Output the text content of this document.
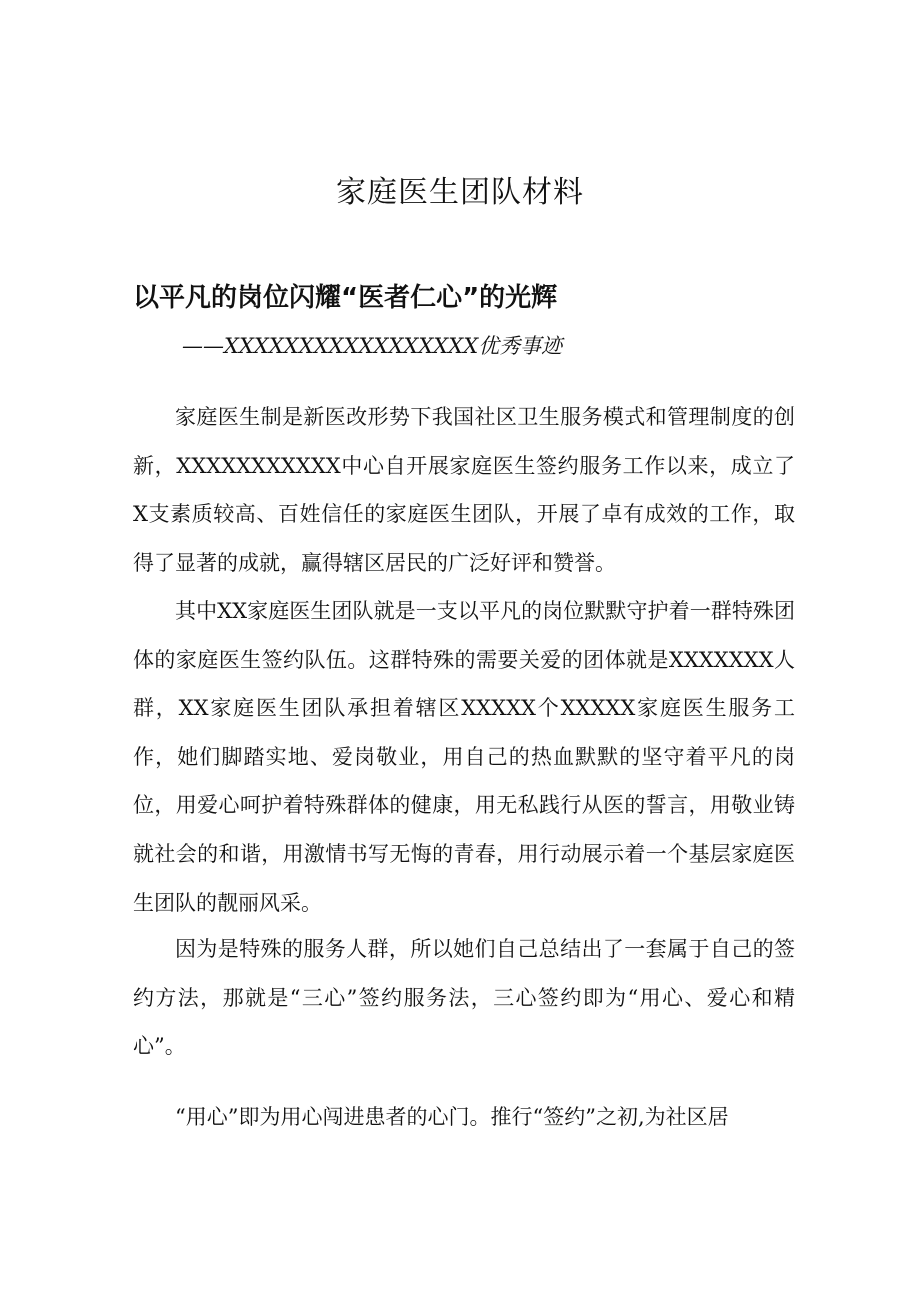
家庭医生团队材料
以平凡的岗位闪耀“医者仁心”的光辉
——XXXXXXXXXXXXXXXXX优秀事迹

家庭医生制是新医改形势下我国社区卫生服务模式和管理制度的创新，XXXXXXXXXXX中心自开展家庭医生签约服务工作以来，成立了X支素质较高、百姓信任的家庭医生团队，开展了卓有成效的工作，取得了显著的成就，赢得辖区居民的广泛好评和赞誉。

其中XX家庭医生团队就是一支以平凡的岗位默默守护着一群特殊团体的家庭医生签约队伍。这群特殊的需要关爱的团体就是XXXXXXX人群，XX家庭医生团队承担着辖区XXXXX个XXXXX家庭医生服务工作，她们脚踏实地、爱岗敬业，用自己的热血默默的坚守着平凡的岗位，用爱心呵护着特殊群体的健康，用无私践行从医的誓言，用敬业铸就社会的和谐，用激情书写无悔的青春，用行动展示着一个基层家庭医生团队的靓丽风采。

因为是特殊的服务人群，所以她们自己总结出了一套属于自己的签约方法，那就是“三心”签约服务法，三心签约即为“用心、爱心和精心”。

“用心”即为用心闯进患者的心门。推行“签约”之初,为社区居
